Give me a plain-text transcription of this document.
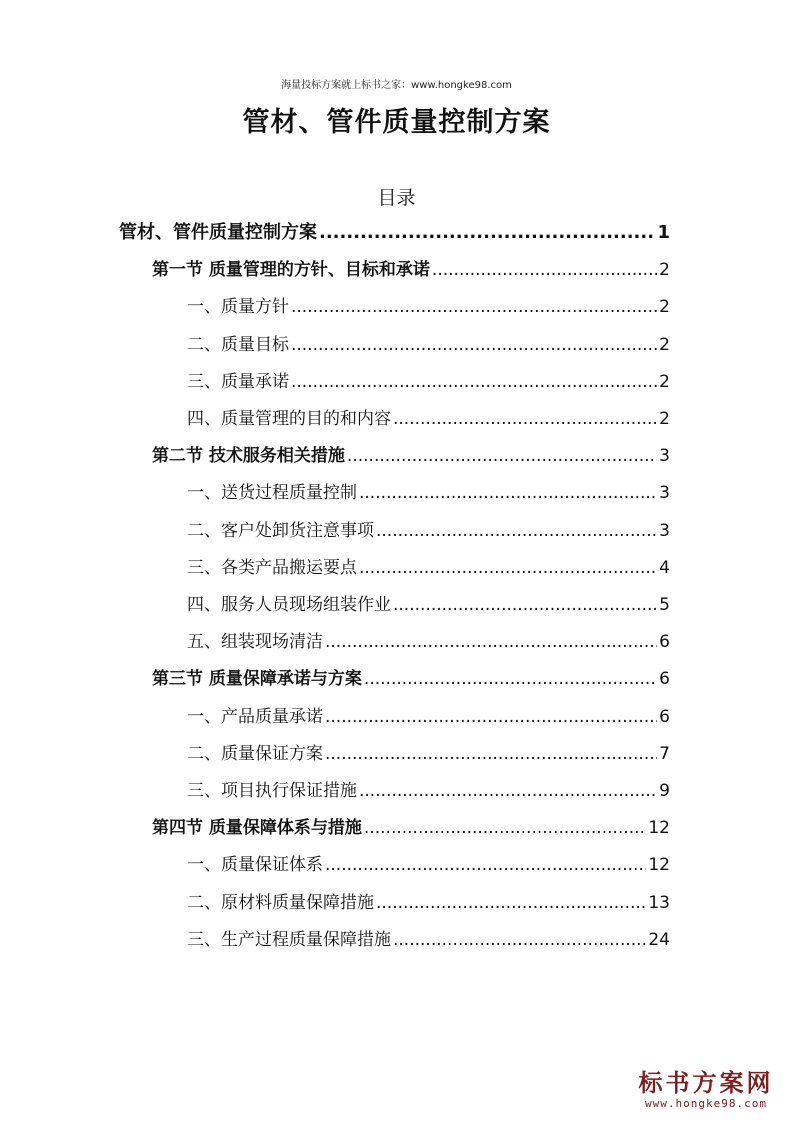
海量投标方案就上标书之家：www.hongke98.com
管材、管件质量控制方案
目录
管材、管件质量控制方案 .....	1
第一节 质量管理的方针、目标和承诺 .....	2
一、质量方针 .....	2
二、质量目标 .....	2
三、质量承诺 .....	2
四、质量管理的目的和内容 .....	2
第二节 技术服务相关措施 .....	3
一、送货过程质量控制 .....	3
二、客户处卸货注意事项 .....	3
三、各类产品搬运要点 .....	4
四、服务人员现场组装作业 .....	5
五、组装现场清洁 .....	6
第三节 质量保障承诺与方案 .....	6
一、产品质量承诺 .....	6
二、质量保证方案 .....	7
三、项目执行保证措施 .....	9
第四节 质量保障体系与措施 .....	12
一、质量保证体系 .....	12
二、原材料质量保障措施 .....	13
三、生产过程质量保障措施 .....	24
标书方案网
www.hongke98.com
